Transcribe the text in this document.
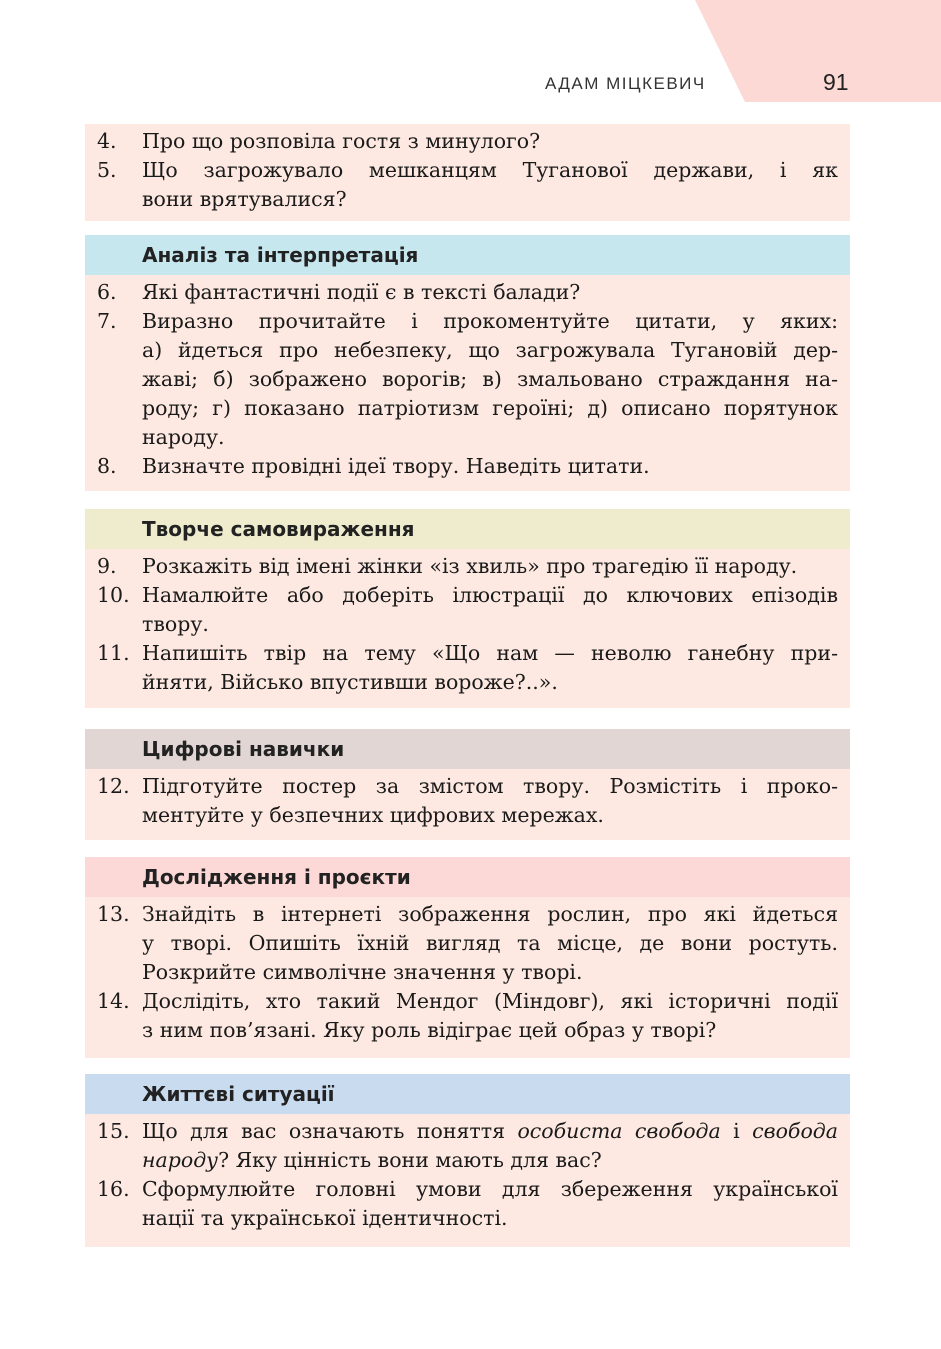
АДАМ МІЦКЕВИЧ	91
4.	Про що розповіла гостя з минулого?
5.	Що загрожувало мешканцям Туганової держави, і як
вони врятувалися?
Аналіз та інтерпретація
6.	Які фантастичні події є в тексті балади?
7.	Виразно прочитайте і прокоментуйте цитати, у яких:
а) йдеться про небезпеку, що загрожувала Тугановій дер-
жаві; б) зображено ворогів; в) змальовано страждання на-
роду; г) показано патріотизм героїні; д) описано порятунок
народу.
8.	Визначте провідні ідеї твору. Наведіть цитати.
Творче самовираження
9.	Розкажіть від імені жінки «із хвиль» про трагедію її народу.
10. Намалюйте або доберіть ілюстрації до ключових епізодів
твору.
11. Напишіть твір на тему «Що нам — неволю ганебну при-
йняти, Військо впустивши вороже?..».
Цифрові навички
12. Підготуйте постер за змістом твору. Розмістіть і проко-
ментуйте у безпечних цифрових мережах.
Дослідження і проєкти
13. Знайдіть в інтернеті зображення рослин, про які йдеться
у творі. Опишіть їхній вигляд та місце, де вони ростуть.
Розкрийте символічне значення у творі.
14. Дослідіть, хто такий Мендог (Міндовг), які історичні події
з ним пов’язані. Яку роль відіграє цей образ у творі?
Життєві ситуації
15. Що для вас означають поняття особиста свобода і свобода
народу? Яку цінність вони мають для вас?
16. Сформулюйте головні умови для збереження української
нації та української ідентичності.
